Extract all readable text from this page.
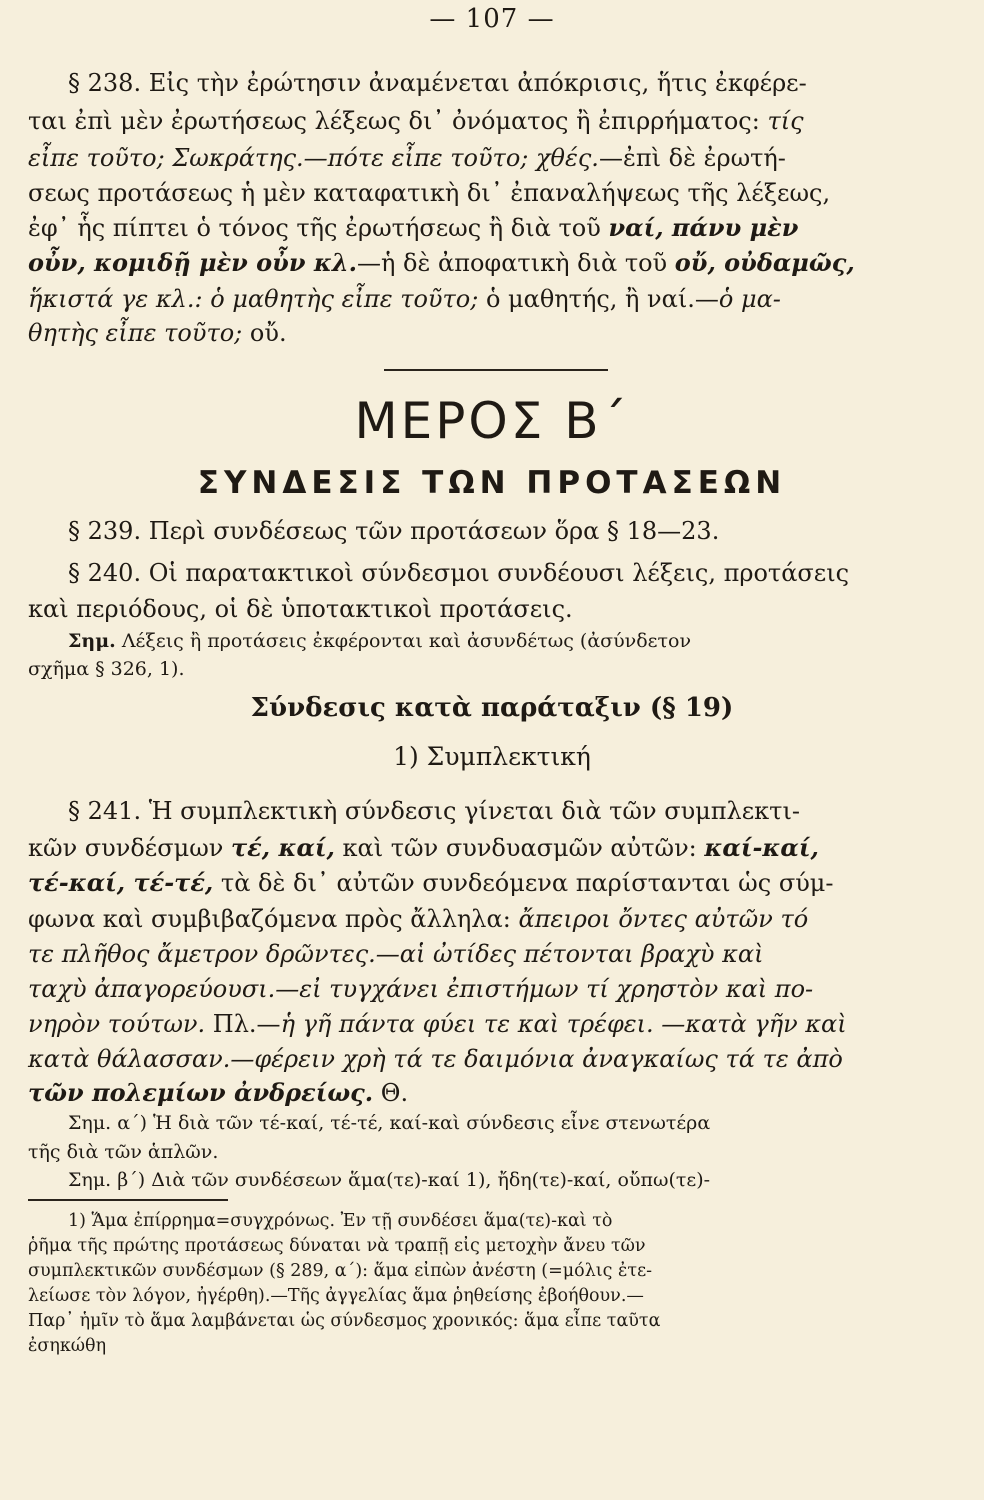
— 107 —
§ 238. Εἰς τὴν ἐρώτησιν ἀναμένεται ἀπόκρισις, ἥτις ἐκφέρε-
ται ἐπὶ μὲν ἐρωτήσεως λέξεως δι᾿ ὀνόματος ἢ ἐπιρρήματος: τίς
εἶπε τοῦτο; Σωκράτης.—πότε εἶπε τοῦτο; χθές.—ἐπὶ δὲ ἐρωτή-
σεως προτάσεως ἡ μὲν καταφατικὴ δι᾿ ἐπαναλήψεως τῆς λέξεως,
ἐφ᾿ ἧς πίπτει ὁ τόνος τῆς ἐρωτήσεως ἢ διὰ τοῦ ναί, πάνυ μὲν
οὖν, κομιδῇ μὲν οὖν κλ.—ἡ δὲ ἀποφατικὴ διὰ τοῦ οὔ, οὐδαμῶς,
ἥκιστά γε κλ.: ὁ μαθητὴς εἶπε τοῦτο; ὁ μαθητής, ἢ ναί.—ὁ μα-
θητὴς εἶπε τοῦτο; οὔ.
ΜΕΡΟΣ Β΄
ΣΥΝΔΕΣΙΣ ΤΩΝ ΠΡΟΤΑΣΕΩΝ
§ 239. Περὶ συνδέσεως τῶν προτάσεων ὅρα § 18—23.
§ 240. Οἱ παρατακτικοὶ σύνδεσμοι συνδέουσι λέξεις, προτάσεις
καὶ περιόδους, οἱ δὲ ὑποτακτικοὶ προτάσεις.
Σημ. Λέξεις ἢ προτάσεις ἐκφέρονται καὶ ἀσυνδέτως (ἀσύνδετον
σχῆμα § 326, 1).
Σύνδεσις κατὰ παράταξιν (§ 19)
1) Συμπλεκτική
§ 241. Ἡ συμπλεκτικὴ σύνδεσις γίνεται διὰ τῶν συμπλεκτι-
κῶν συνδέσμων τέ, καί, καὶ τῶν συνδυασμῶν αὐτῶν: καί-καί,
τέ-καί, τέ-τέ, τὰ δὲ δι᾿ αὐτῶν συνδεόμενα παρίστανται ὡς σύμ-
φωνα καὶ συμβιβαζόμενα πρὸς ἄλληλα: ἄπειροι ὄντες αὐτῶν τό
τε πλῆθος ἄμετρον δρῶντες.—αἱ ὠτίδες πέτονται βραχὺ καὶ
ταχὺ ἀπαγορεύουσι.—εἰ τυγχάνει ἐπιστήμων τί χρηστὸν καὶ πο-
νηρὸν τούτων. Πλ.—ἡ γῆ πάντα φύει τε καὶ τρέφει. —κατὰ γῆν καὶ
κατὰ θάλασσαν.—φέρειν χρὴ τά τε δαιμόνια ἀναγκαίως τά τε ἀπὸ
τῶν πολεμίων ἀνδρείως. Θ.
Σημ. α΄) Ἡ διὰ τῶν τέ-καί, τέ-τέ, καί-καὶ σύνδεσις εἶνε στενωτέρα
τῆς διὰ τῶν ἁπλῶν.
Σημ. β΄) Διὰ τῶν συνδέσεων ἅμα(τε)-καί 1), ἤδη(τε)-καί, οὔπω(τε)-
1) Ἅμα ἐπίρρημα=συγχρόνως. Ἐν τῇ συνδέσει ἅμα(τε)-καὶ τὸ
ῥῆμα τῆς πρώτης προτάσεως δύναται νὰ τραπῇ εἰς μετοχὴν ἄνευ τῶν
συμπλεκτικῶν συνδέσμων (§ 289, α΄): ἅμα εἰπὼν ἀνέστη (=μόλις ἐτε-
λείωσε τὸν λόγον, ἠγέρθη).—Τῆς ἀγγελίας ἅμα ῥηθείσης ἐβοήθουν.—
Παρ᾿ ἡμῖν τὸ ἅμα λαμβάνεται ὡς σύνδεσμος χρονικός: ἅμα εἶπε ταῦτα
ἐσηκώθη
